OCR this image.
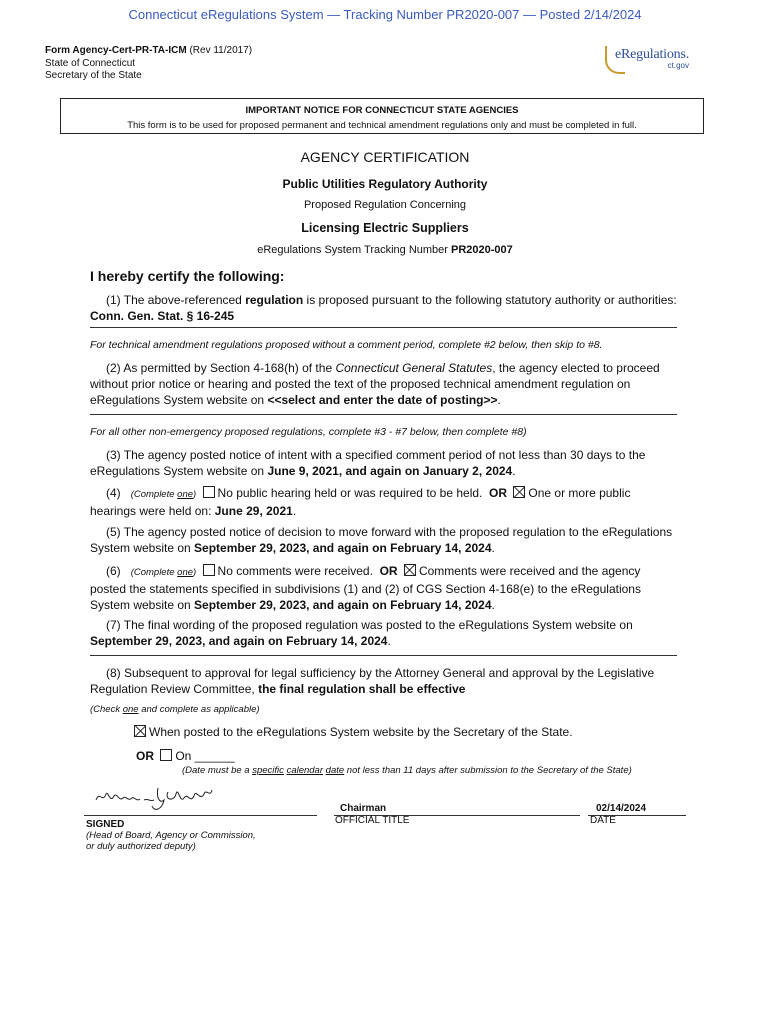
Connecticut eRegulations System — Tracking Number PR2020-007 — Posted 2/14/2024
Form Agency-Cert-PR-TA-ICM (Rev 11/2017)
State of Connecticut
Secretary of the State
eRegulations.
ct.gov
IMPORTANT NOTICE FOR CONNECTICUT STATE AGENCIES
This form is to be used for proposed permanent and technical amendment regulations only and must be completed in full.
AGENCY CERTIFICATION
Public Utilities Regulatory Authority
Proposed Regulation Concerning
Licensing Electric Suppliers
eRegulations System Tracking Number PR2020-007
I hereby certify the following:
(1) The above-referenced regulation is proposed pursuant to the following statutory authority or authorities: Conn. Gen. Stat. § 16-245
For technical amendment regulations proposed without a comment period, complete #2 below, then skip to #8.
(2) As permitted by Section 4-168(h) of the Connecticut General Statutes, the agency elected to proceed without prior notice or hearing and posted the text of the proposed technical amendment regulation on eRegulations System website on <<select and enter the date of posting>>.
For all other non-emergency proposed regulations, complete #3 - #7 below, then complete #8)
(3) The agency posted notice of intent with a specified comment period of not less than 30 days to the eRegulations System website on June 9, 2021, and again on January 2, 2024.
(4) (Complete one) No public hearing held or was required to be held. OR One or more public
hearings were held on: June 29, 2021.
(5) The agency posted notice of decision to move forward with the proposed regulation to the eRegulations System website on September 29, 2023, and again on February 14, 2024.
(6) (Complete one) No comments were received. OR Comments were received and the agency
posted the statements specified in subdivisions (1) and (2) of CGS Section 4-168(e) to the eRegulations System website on September 29, 2023, and again on February 14, 2024.
(7) The final wording of the proposed regulation was posted to the eRegulations System website on September 29, 2023, and again on February 14, 2024.
(8) Subsequent to approval for legal sufficiency by the Attorney General and approval by the Legislative Regulation Review Committee, the final regulation shall be effective
(Check one and complete as applicable)
When posted to the eRegulations System website by the Secretary of the State.
OR On ______
(Date must be a specific calendar date not less than 11 days after submission to the Secretary of the State)
SIGNED
(Head of Board, Agency or Commission,
or duly authorized deputy)
Chairman
OFFICIAL TITLE
02/14/2024
DATE
